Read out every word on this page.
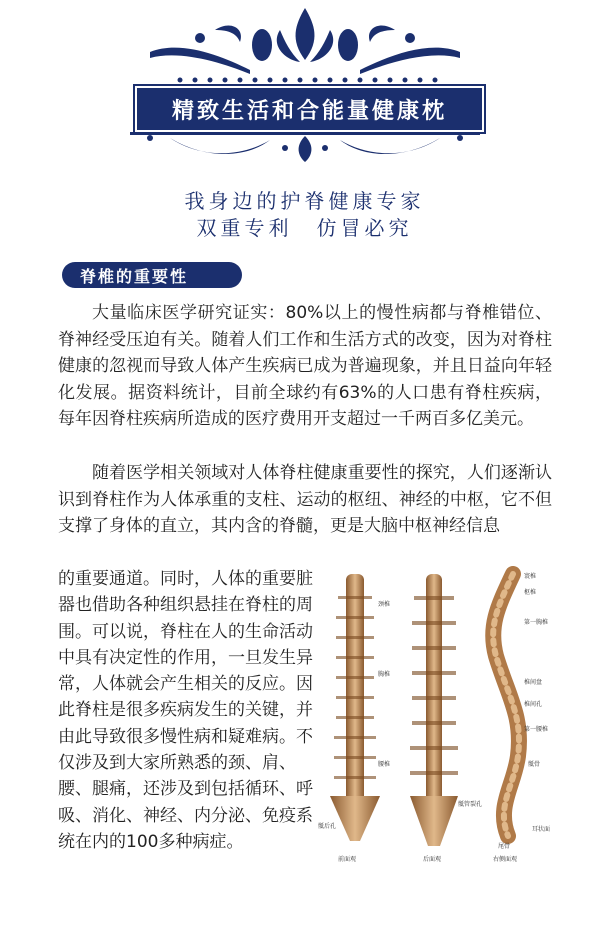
精致生活和合能量健康枕
我身边的护脊健康专家
双重专利　仿冒必究
脊椎的重要性

大量临床医学研究证实：80%以上的慢性病都与脊椎错位、脊神经受压迫有关。随着人们工作和生活方式的改变，因为对脊柱健康的忽视而导致人体产生疾病已成为普遍现象，并且日益向年轻化发展。据资料统计，目前全球约有63%的人口患有脊柱疾病，每年因脊柱疾病所造成的医疗费用开支超过一千两百多亿美元。

随着医学相关领域对人体脊柱健康重要性的探究，人们逐渐认识到脊柱作为人体承重的支柱、运动的枢纽、神经的中枢，它不但支撑了身体的直立，其内含的脊髓，更是大脑中枢神经信息

的重要通道。同时，人体的重要脏器也借助各种组织悬挂在脊柱的周围。可以说，脊柱在人的生命活动中具有决定性的作用，一旦发生异常，人体就会产生相关的反应。因此脊柱是很多疾病发生的关键，并由此导致很多慢性病和疑难病。不仅涉及到大家所熟悉的颈、肩、腰、腿痛，还涉及到包括循环、呼吸、消化、神经、内分泌、免疫系统在内的100多种病症。

颈椎
胸椎
腰椎
骶后孔
骶管裂孔
寰椎
枢椎
第一胸椎
椎间盘
椎间孔
第一腰椎
骶骨
耳状面
尾骨
前面观	后面观	右侧面观
